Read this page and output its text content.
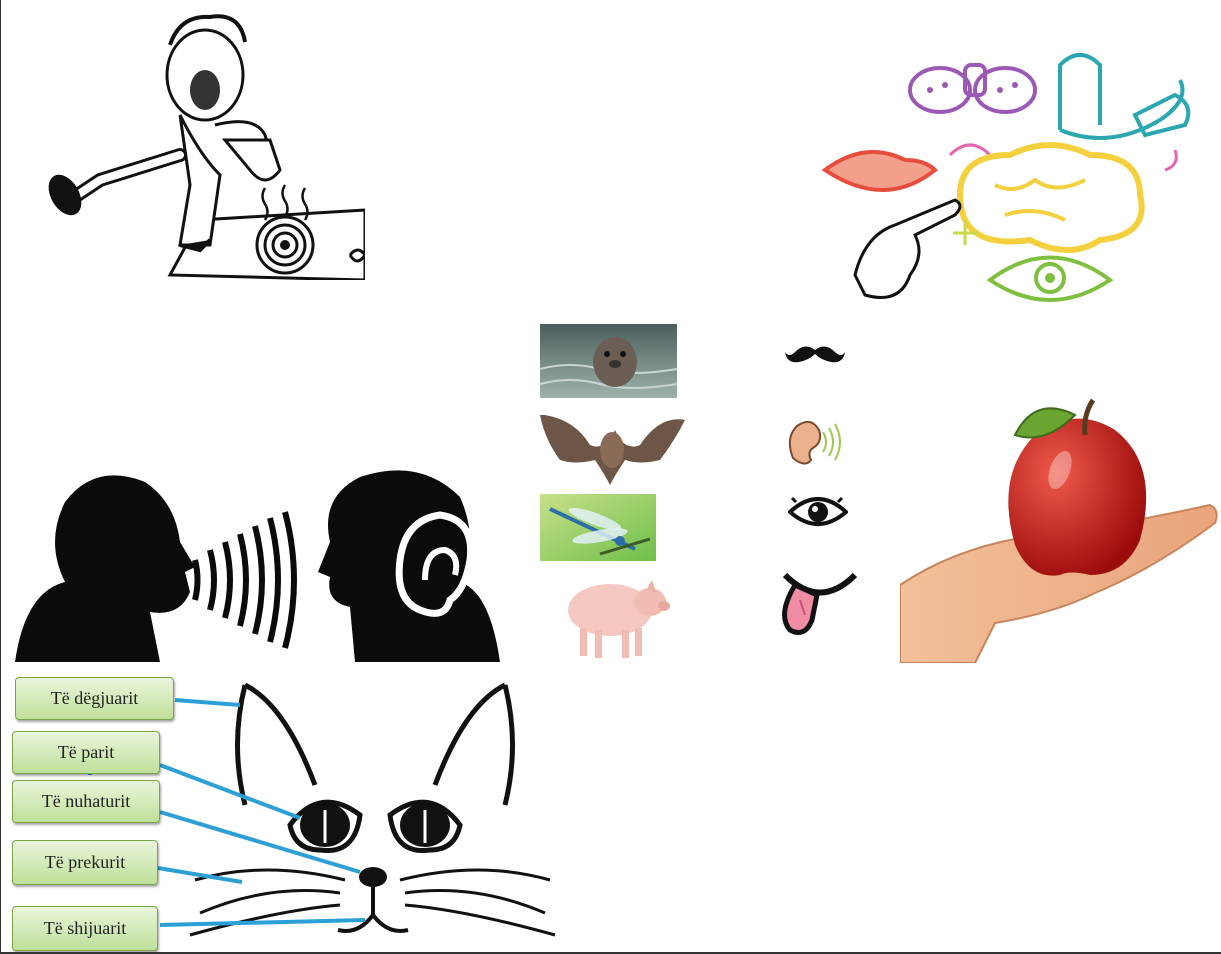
Të dëgjuarit
Të parit
Të nuhaturit
Të prekurit
Të shijuarit
